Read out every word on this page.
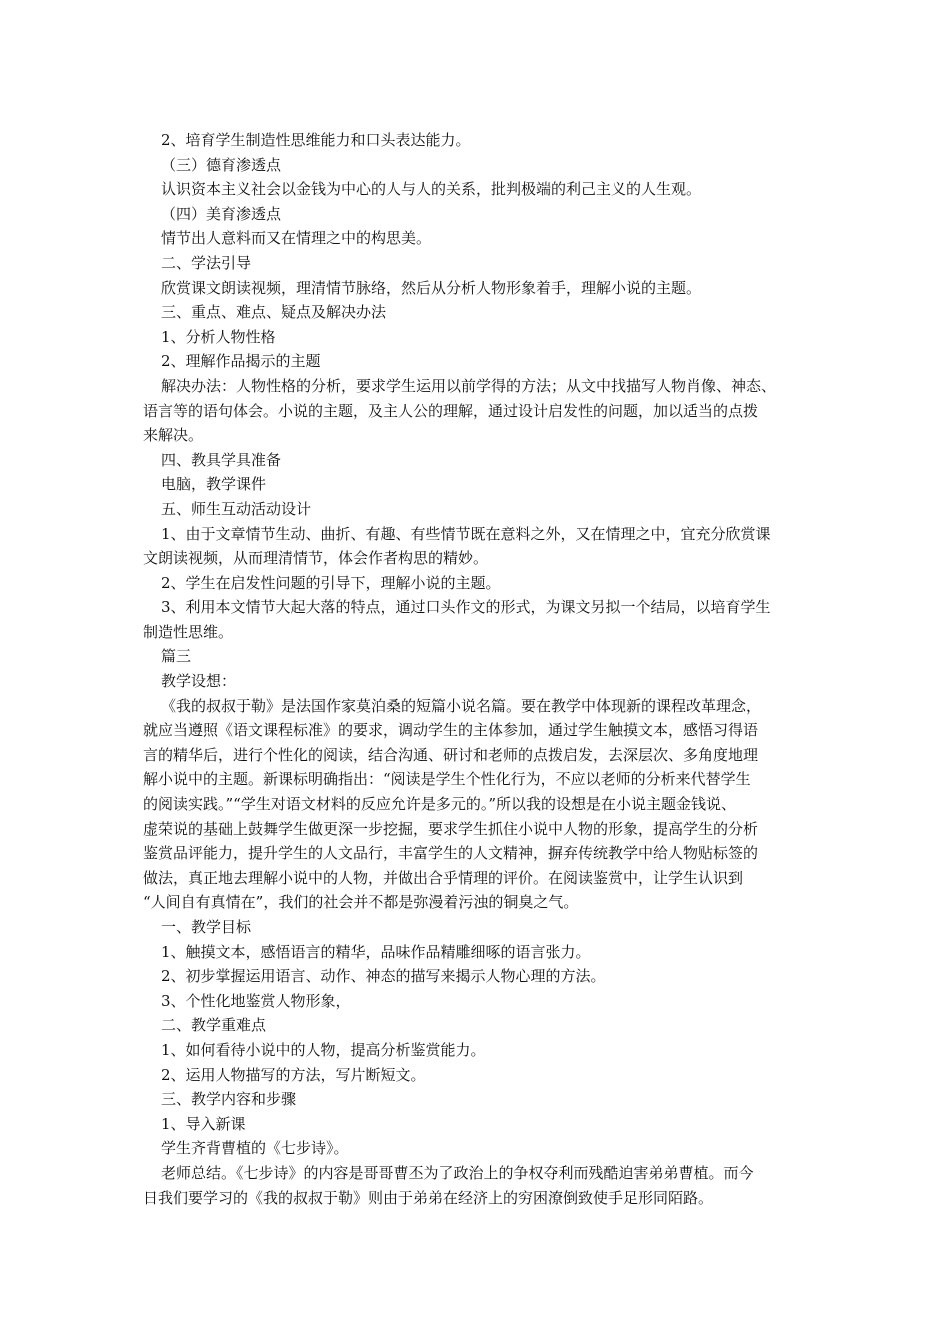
2、培育学生制造性思维能力和口头表达能力。

（三）德育渗透点

认识资本主义社会以金钱为中心的人与人的关系，批判极端的利己主义的人生观。

（四）美育渗透点

情节出人意料而又在情理之中的构思美。

二、学法引导

欣赏课文朗读视频，理清情节脉络，然后从分析人物形象着手，理解小说的主题。

三、重点、难点、疑点及解决办法

1、分析人物性格

2、理解作品揭示的主题

解决办法：人物性格的分析，要求学生运用以前学得的方法；从文中找描写人物肖像、神态、

语言等的语句体会。小说的主题，及主人公的理解，通过设计启发性的问题，加以适当的点拨

来解决。

四、教具学具准备

电脑，教学课件

五、师生互动活动设计

1、由于文章情节生动、曲折、有趣、有些情节既在意料之外，又在情理之中，宜充分欣赏课

文朗读视频，从而理清情节，体会作者构思的精妙。

2、学生在启发性问题的引导下，理解小说的主题。

3、利用本文情节大起大落的特点，通过口头作文的形式，为课文另拟一个结局，以培育学生

制造性思维。

篇三

教学设想：

《我的叔叔于勒》是法国作家莫泊桑的短篇小说名篇。要在教学中体现新的课程改革理念，

就应当遵照《语文课程标准》的要求，调动学生的主体参加，通过学生触摸文本，感悟习得语

言的精华后，进行个性化的阅读，结合沟通、研讨和老师的点拨启发，去深层次、多角度地理

解小说中的主题。新课标明确指出：“阅读是学生个性化行为，不应以老师的分析来代替学生

的阅读实践。”“学生对语文材料的反应允许是多元的。”所以我的设想是在小说主题金钱说、

虚荣说的基础上鼓舞学生做更深一步挖掘，要求学生抓住小说中人物的形象，提高学生的分析

鉴赏品评能力，提升学生的人文品行，丰富学生的人文精神，摒弃传统教学中给人物贴标签的

做法，真正地去理解小说中的人物，并做出合乎情理的评价。在阅读鉴赏中，让学生认识到

“人间自有真情在”，我们的社会并不都是弥漫着污浊的铜臭之气。

一、教学目标

1、触摸文本，感悟语言的精华，品味作品精雕细啄的语言张力。

2、初步掌握运用语言、动作、神态的描写来揭示人物心理的方法。

3、个性化地鉴赏人物形象，

二、教学重难点

1、如何看待小说中的人物，提高分析鉴赏能力。

2、运用人物描写的方法，写片断短文。

三、教学内容和步骤

1、导入新课

学生齐背曹植的《七步诗》。

老师总结。《七步诗》的内容是哥哥曹丕为了政治上的争权夺利而残酷迫害弟弟曹植。而今

日我们要学习的《我的叔叔于勒》则由于弟弟在经济上的穷困潦倒致使手足形同陌路。
